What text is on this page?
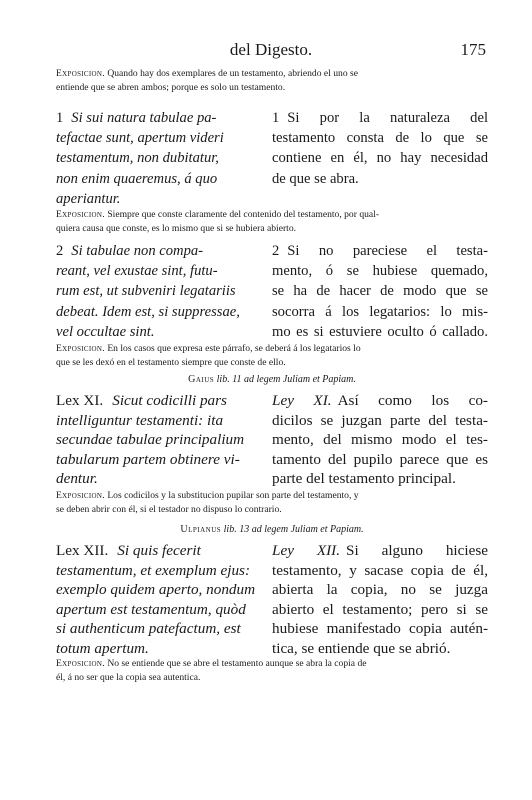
del Digesto.	175
Exposicion. Quando hay dos exemplares de un testamento, abriendo el uno se
entiende que se abren ambos; porque es solo un testamento.
1 Si sui natura tabulae pa-
tefactae sunt, apertum videri
testamentum, non dubitatur,
non enim quaeremus, á quo
aperiantur.
1 Si por la naturaleza del
testamento consta de lo que se
contiene en él, no hay necesidad
de que se abra.
Exposicion. Siempre que conste claramente del contenido del testamento, por qual-
quiera causa que conste, es lo mismo que si se hubiera abierto.
2 Si tabulae non compa-
reant, vel exustae sint, futu-
rum est, ut subveniri legatariis
debeat. Idem est, si suppressae,
vel occultae sint.
2 Si no pareciese el testa-
mento, ó se hubiese quemado,
se ha de hacer de modo que se
socorra á los legatarios: lo mis-
mo es si estuviere oculto ó callado.
Exposicion. En los casos que expresa este párrafo, se deberá á los legatarios lo
que se les dexó en el testamento siempre que conste de ello.
Gaius lib. 11 ad legem Juliam et Papiam.
Lex XI. Sicut codicilli pars
intelliguntur testamenti: ita
secundae tabulae principalium
tabularum partem obtinere vi-
dentur.
Ley XI. Así como los co-
dicilos se juzgan parte del testa-
mento, del mismo modo el tes-
tamento del pupilo parece que es
parte del testamento principal.
Exposicion. Los codicilos y la substitucion pupilar son parte del testamento, y
se deben abrir con él, si el testador no dispuso lo contrario.
Ulpianus lib. 13 ad legem Juliam et Papiam.
Lex XII. Si quis fecerit
testamentum, et exemplum ejus:
exemplo quidem aperto, nondum
apertum est testamentum, quòd
si authenticum patefactum, est
totum apertum.
Ley XII. Si alguno hiciese
testamento, y sacase copia de él,
abierta la copia, no se juzga
abierto el testamento; pero si se
hubiese manifestado copia autén-
tica, se entiende que se abrió.
Exposicion. No se entiende que se abre el testamento aunque se abra la copia de
él, á no ser que la copia sea autentica.
